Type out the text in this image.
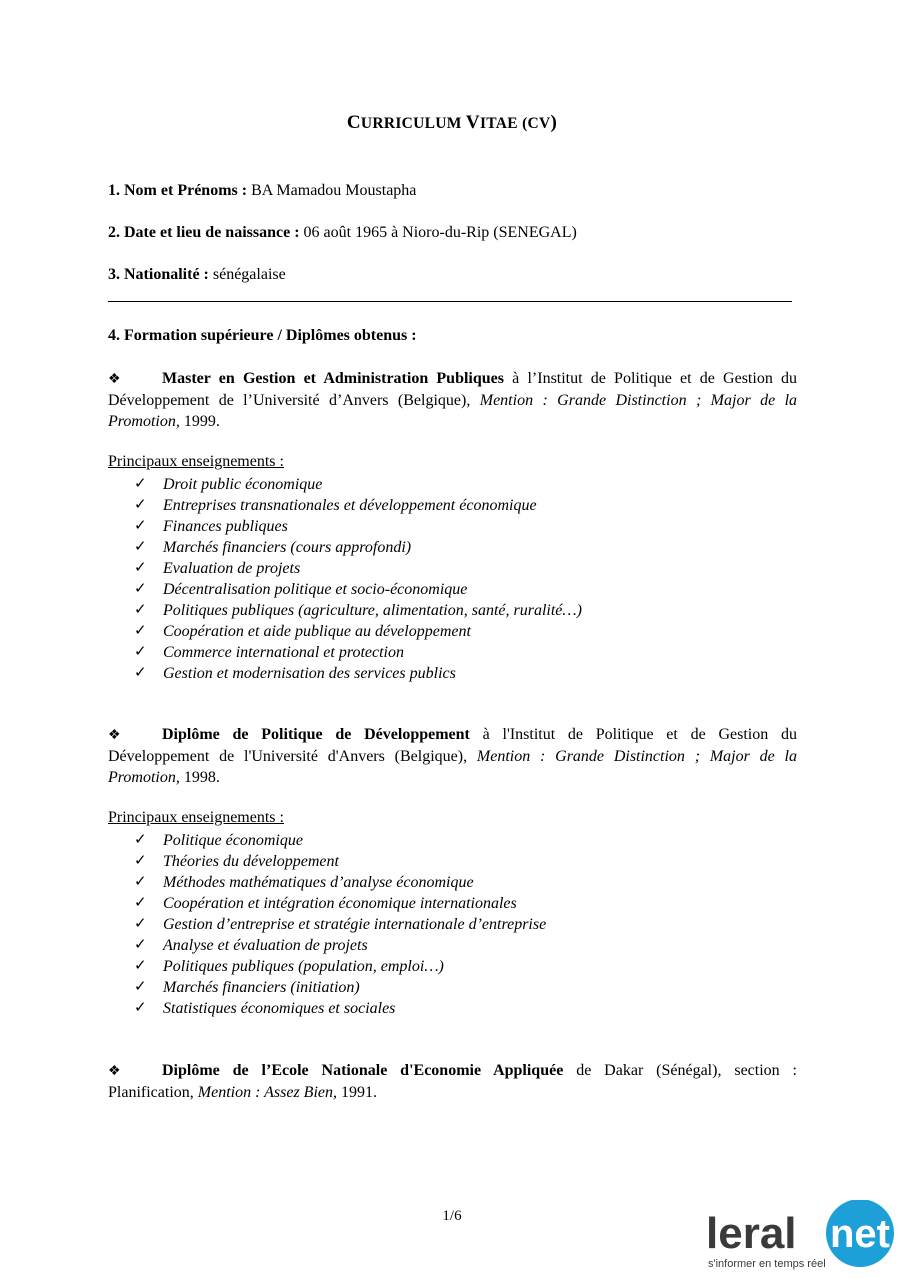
CURRICULUM VITAE (CV)
1. Nom et Prénoms : BA Mamadou Moustapha
2. Date et lieu de naissance : 06 août 1965 à Nioro-du-Rip (SENEGAL)
3. Nationalité : sénégalaise
4. Formation supérieure / Diplômes obtenus :
❖	Master en Gestion et Administration Publiques à l’Institut de Politique et de Gestion du Développement de l’Université d’Anvers (Belgique), Mention : Grande Distinction ; Major de la Promotion, 1999.
Principaux enseignements :
✓ Droit public économique
✓ Entreprises transnationales et développement économique
✓ Finances publiques
✓ Marchés financiers (cours approfondi)
✓ Evaluation de projets
✓ Décentralisation politique et socio-économique
✓ Politiques publiques (agriculture, alimentation, santé, ruralité…)
✓ Coopération et aide publique au développement
✓ Commerce international et protection
✓ Gestion et modernisation des services publics
❖	Diplôme de Politique de Développement à l'Institut de Politique et de Gestion du Développement de l'Université d'Anvers (Belgique), Mention : Grande Distinction ; Major de la Promotion, 1998.
Principaux enseignements :
✓ Politique économique
✓ Théories du développement
✓ Méthodes mathématiques d’analyse économique
✓ Coopération et intégration économique internationales
✓ Gestion d’entreprise et stratégie internationale d’entreprise
✓ Analyse et évaluation de projets
✓ Politiques publiques (population, emploi…)
✓ Marchés financiers (initiation)
✓ Statistiques économiques et sociales
❖	Diplôme de l’Ecole Nationale d'Economie Appliquée de Dakar (Sénégal), section : Planification, Mention : Assez Bien, 1991.
1/6	leral net
s'informer en temps réel
